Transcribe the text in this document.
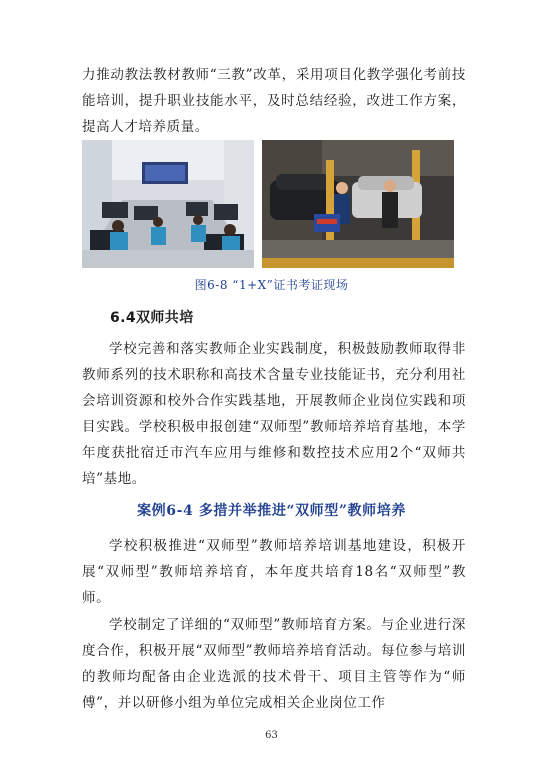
力推动教法教材教师“三教”改革，采用项目化教学强化考前技能培训，提升职业技能水平，及时总结经验，改进工作方案，提高人才培养质量。

图6-8 “1+X”证书考证现场
6.4双师共培

学校完善和落实教师企业实践制度，积极鼓励教师取得非教师系列的技术职称和高技术含量专业技能证书，充分利用社会培训资源和校外合作实践基地，开展教师企业岗位实践和项目实践。学校积极申报创建“双师型”教师培养培育基地，本学年度获批宿迁市汽车应用与维修和数控技术应用2个“双师共培”基地。

案例6-4 多措并举推进“双师型”教师培养

学校积极推进“双师型”教师培养培训基地建设，积极开展“双师型”教师培养培育，本年度共培育18名“双师型”教师。

学校制定了详细的“双师型”教师培育方案。与企业进行深度合作，积极开展“双师型”教师培养培育活动。每位参与培训的教师均配备由企业选派的技术骨干、项目主管等作为“师傅”，并以研修小组为单位完成相关企业岗位工作

63
